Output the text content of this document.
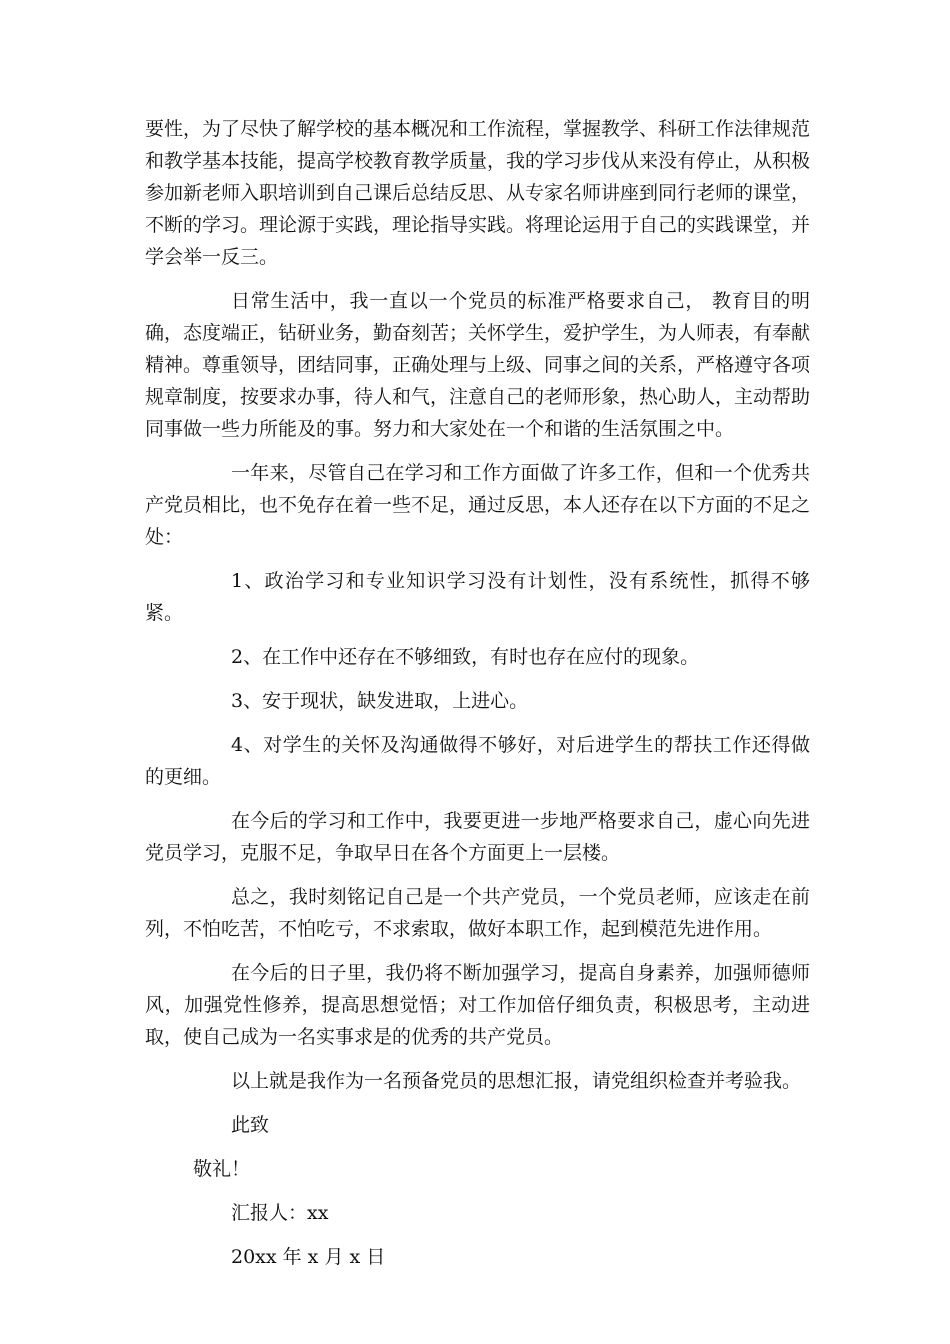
要性，为了尽快了解学校的基本概况和工作流程，掌握教学、科研工作法律规范和教学基本技能，提高学校教育教学质量，我的学习步伐从来没有停止，从积极参加新老师入职培训到自己课后总结反思、从专家名师讲座到同行老师的课堂，不断的学习。理论源于实践，理论指导实践。将理论运用于自己的实践课堂，并学会举一反三。

日常生活中，我一直以一个党员的标准严格要求自己， 教育目的明确，态度端正，钻研业务，勤奋刻苦；关怀学生，爱护学生，为人师表，有奉献精神。尊重领导，团结同事，正确处理与上级、同事之间的关系，严格遵守各项规章制度，按要求办事，待人和气，注意自己的老师形象，热心助人，主动帮助同事做一些力所能及的事。努力和大家处在一个和谐的生活氛围之中。

一年来，尽管自己在学习和工作方面做了许多工作，但和一个优秀共产党员相比，也不免存在着一些不足，通过反思，本人还存在以下方面的不足之处：

1、政治学习和专业知识学习没有计划性，没有系统性，抓得不够紧。

2、在工作中还存在不够细致，有时也存在应付的现象。

3、安于现状，缺发进取，上进心。

4、对学生的关怀及沟通做得不够好，对后进学生的帮扶工作还得做的更细。

在今后的学习和工作中，我要更进一步地严格要求自己，虚心向先进党员学习，克服不足，争取早日在各个方面更上一层楼。

总之，我时刻铭记自己是一个共产党员，一个党员老师，应该走在前列，不怕吃苦，不怕吃亏，不求索取，做好本职工作，起到模范先进作用。

在今后的日子里，我仍将不断加强学习，提高自身素养，加强师德师风，加强党性修养，提高思想觉悟；对工作加倍仔细负责，积极思考，主动进取，使自己成为一名实事求是的优秀的共产党员。

以上就是我作为一名预备党员的思想汇报，请党组织检查并考验我。

此致
敬礼！
汇报人：xx
20xx 年 x 月 x 日
